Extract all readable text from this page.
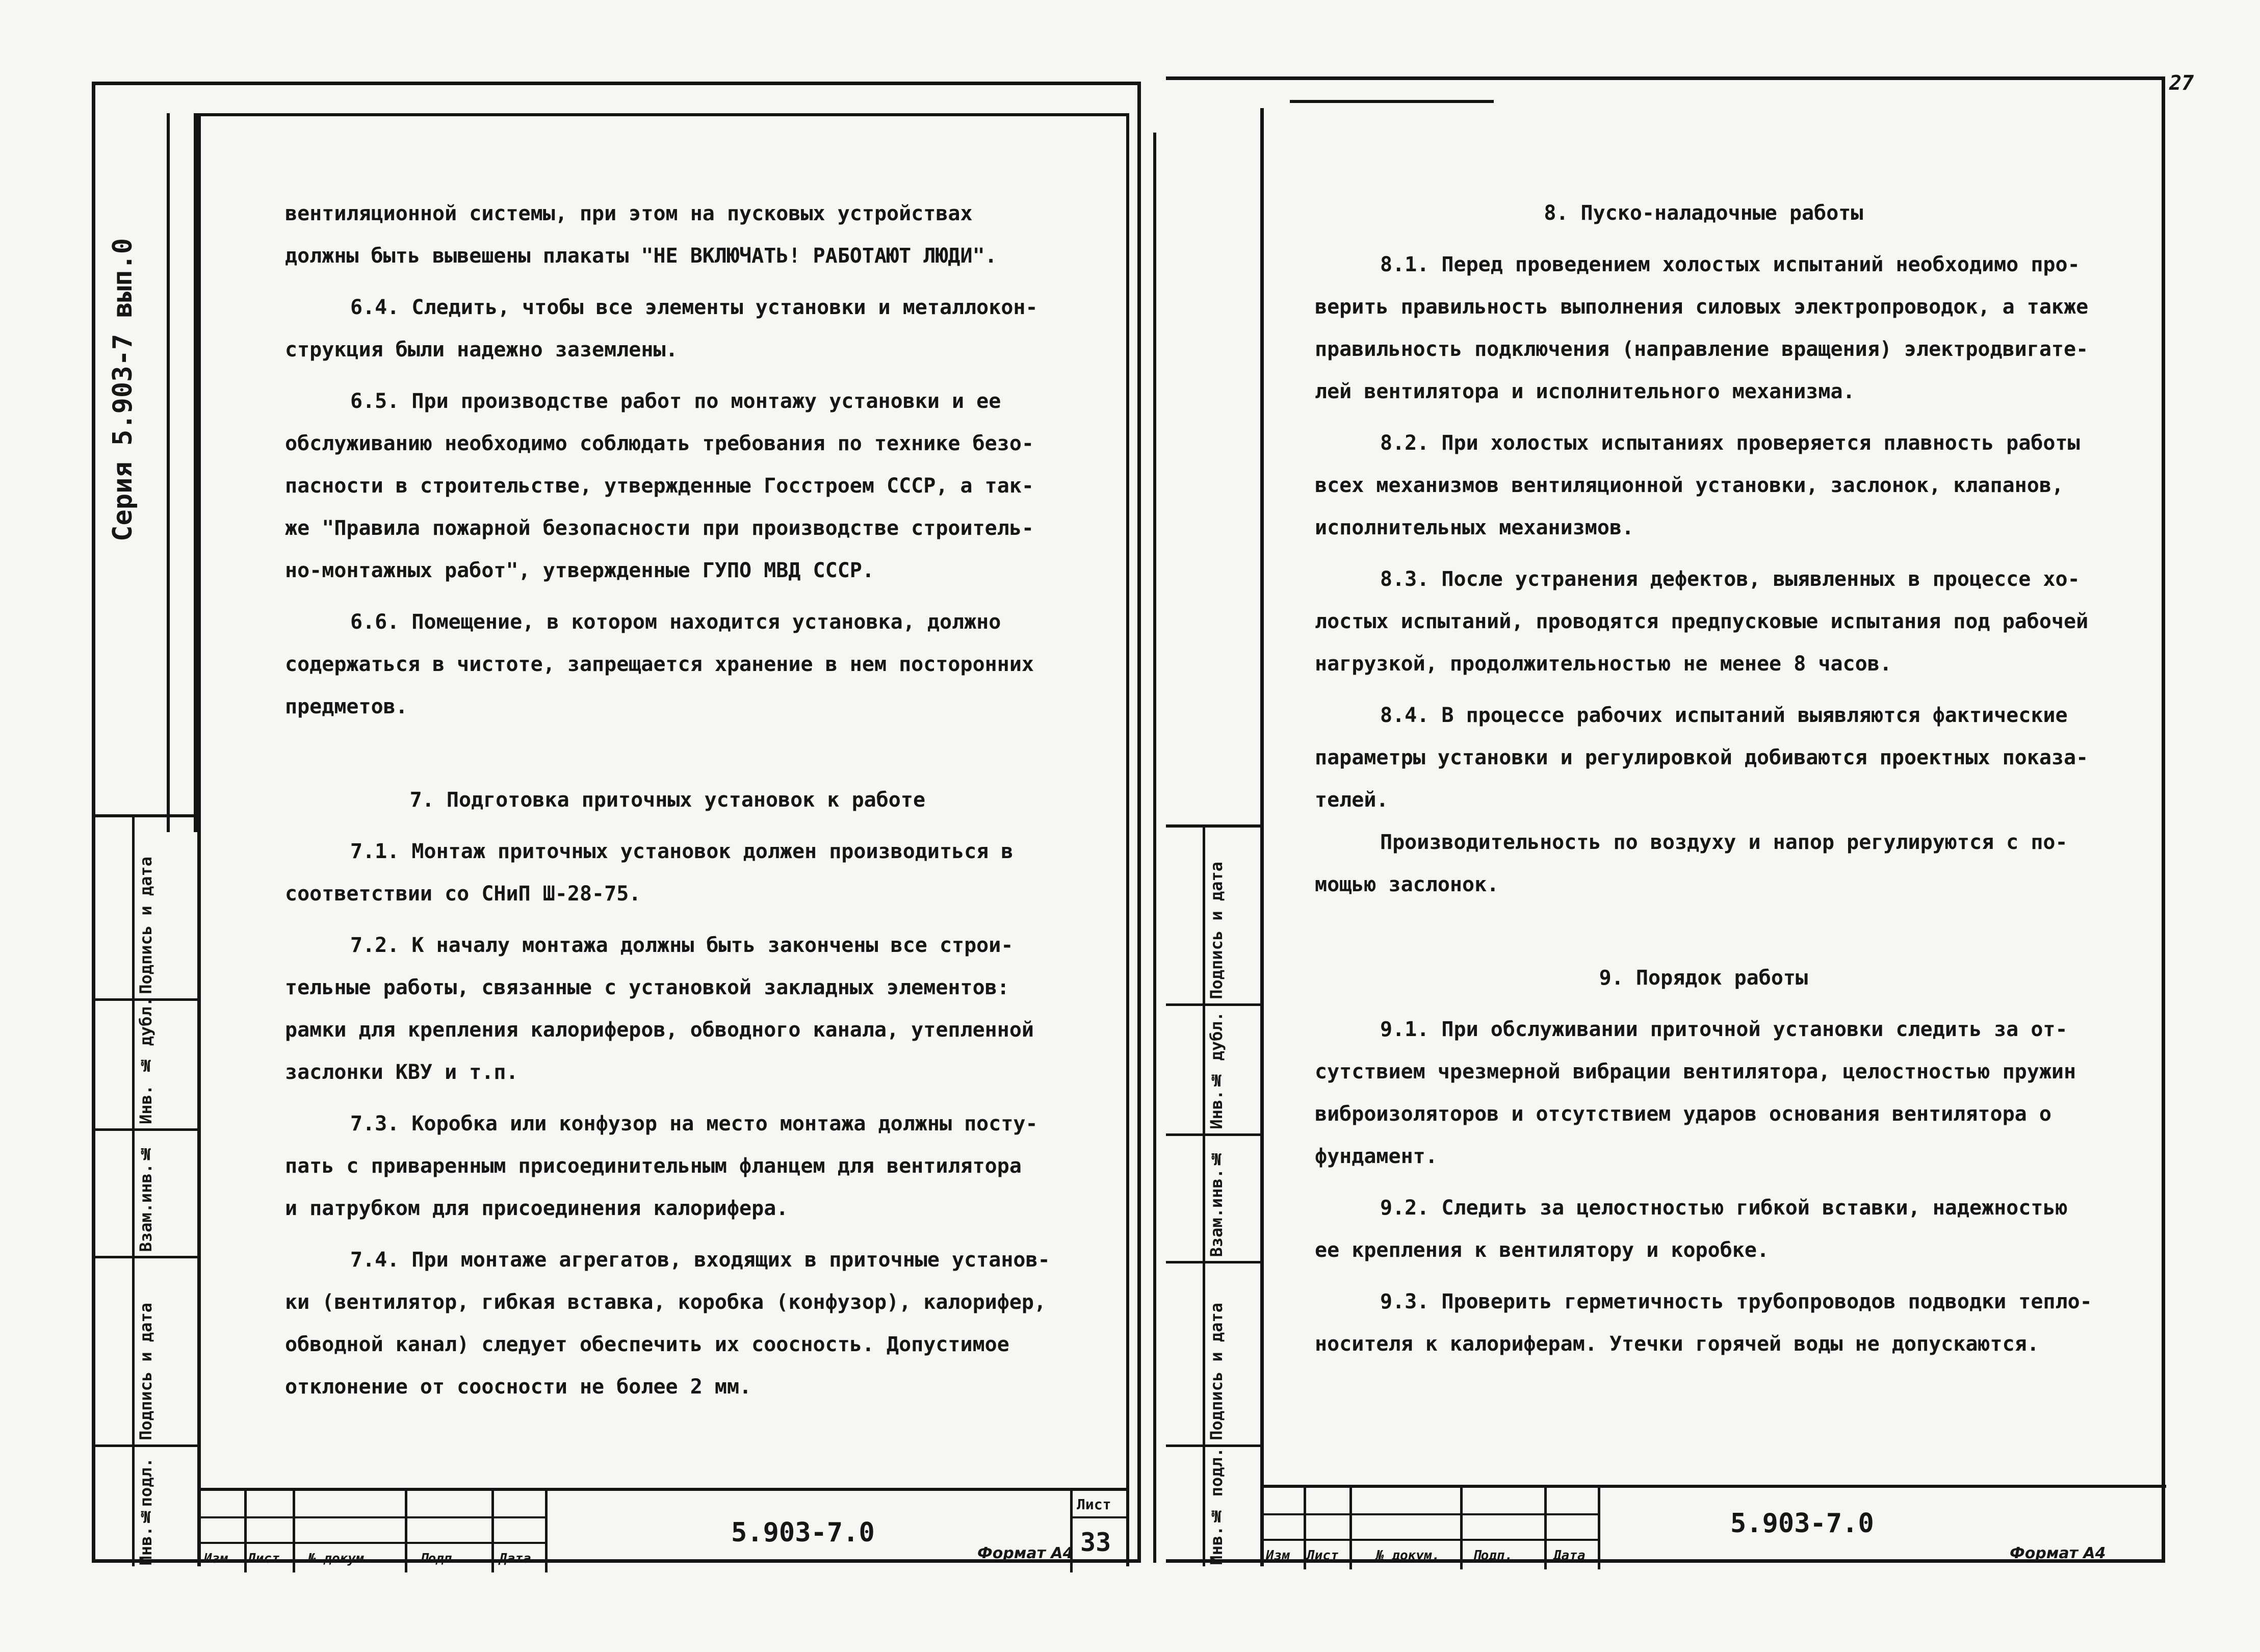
27
Серия 5.903-7 вып.0
Подпись и дата
Инв. № дубл.
Взам.инв.№
Подпись и дата
Инв.№подл.

вентиляционной системы, при этом на пусковых устройствах

должны быть вывешены плакаты "НЕ ВКЛЮЧАТЬ! РАБОТАЮТ ЛЮДИ".

6.4. Следить, чтобы все элементы установки и металлокон-

струкция были надежно заземлены.

6.5. При производстве работ по монтажу установки и ее

обслуживанию необходимо соблюдать требования по технике безо-

пасности в строительстве, утвержденные Госстроем СССР, а так-

же "Правила пожарной безопасности при производстве строитель-

но-монтажных работ", утвержденные ГУПО МВД СССР.

6.6. Помещение, в котором находится установка, должно

содержаться в чистоте, запрещается хранение в нем посторонних

предметов.

7. Подготовка приточных установок к работе

7.1. Монтаж приточных установок должен производиться в

соответствии со СНиП Ш-28-75.

7.2. К началу монтажа должны быть закончены все строи-

тельные работы, связанные с установкой закладных элементов:

рамки для крепления калориферов, обводного канала, утепленной

заслонки КВУ и т.п.

7.3. Коробка или конфузор на место монтажа должны посту-

пать с приваренным присоединительным фланцем для вентилятора

и патрубком для присоединения калорифера.

7.4. При монтаже агрегатов, входящих в приточные установ-

ки (вентилятор, гибкая вставка, коробка (конфузор), калорифер,

обводной канал) следует обеспечить их соосность. Допустимое

отклонение от соосности не более 2 мм.

Изм Лист № докум.	Подп.	Дата
5.903-7.0
Лист
33
Формат А4
Подпись и дата
Инв.№ дубл.
Взам.инв.№
Подпись и дата
Инв.№ подл.

8. Пуско-наладочные работы

8.1. Перед проведением холостых испытаний необходимо про-

верить правильность выполнения силовых электропроводок, а также

правильность подключения (направление вращения) электродвигате-

лей вентилятора и исполнительного механизма.

8.2. При холостых испытаниях проверяется плавность работы

всех механизмов вентиляционной установки, заслонок, клапанов,

исполнительных механизмов.

8.3. После устранения дефектов, выявленных в процессе хо-

лостых испытаний, проводятся предпусковые испытания под рабочей

нагрузкой, продолжительностью не менее 8 часов.

8.4. В процессе рабочих испытаний выявляются фактические

параметры установки и регулировкой добиваются проектных показа-

телей.

Производительность по воздуху и напор регулируются с по-

мощью заслонок.

9. Порядок работы

9.1. При обслуживании приточной установки следить за от-

сутствием чрезмерной вибрации вентилятора, целостностью пружин

виброизоляторов и отсутствием ударов основания вентилятора о

фундамент.

9.2. Следить за целостностью гибкой вставки, надежностью

ее крепления к вентилятору и коробке.

9.3. Проверить герметичность трубопроводов подводки тепло-

носителя к калориферам. Утечки горячей воды не допускаются.

Изм Лист	№ докум. Подп.	Дата
5.903-7.0
Формат А4
